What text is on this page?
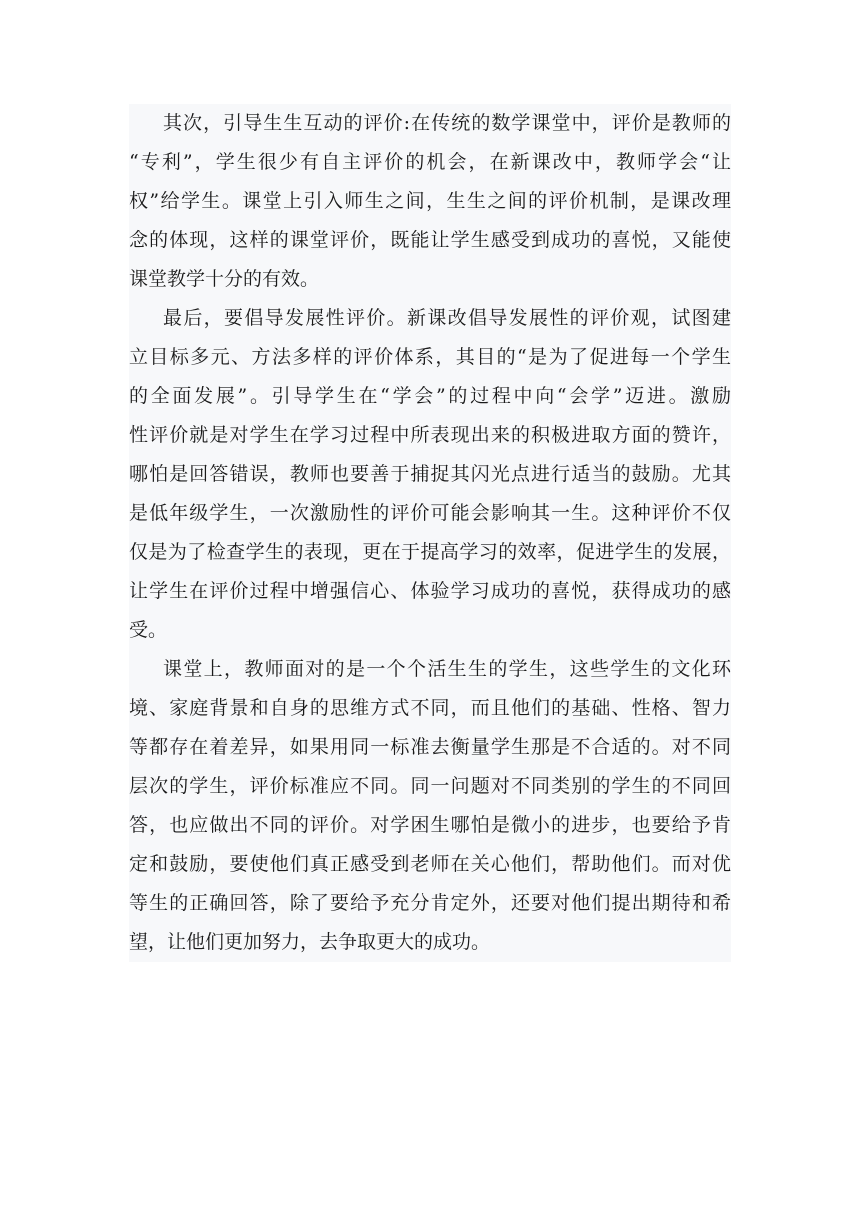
其次，引导生生互动的评价:在传统的数学课堂中，评价是教师的
“专利”，学生很少有自主评价的机会，在新课改中，教师学会“让
权”给学生。课堂上引入师生之间，生生之间的评价机制，是课改理
念的体现，这样的课堂评价，既能让学生感受到成功的喜悦，又能使
课堂教学十分的有效。
最后，要倡导发展性评价。新课改倡导发展性的评价观，试图建
立目标多元、方法多样的评价体系，其目的“是为了促进每一个学生
的全面发展”。引导学生在“学会”的过程中向“会学”迈进。激励
性评价就是对学生在学习过程中所表现出来的积极进取方面的赞许，
哪怕是回答错误，教师也要善于捕捉其闪光点进行适当的鼓励。尤其
是低年级学生，一次激励性的评价可能会影响其一生。这种评价不仅
仅是为了检查学生的表现，更在于提高学习的效率，促进学生的发展，
让学生在评价过程中增强信心、体验学习成功的喜悦，获得成功的感
受。
课堂上，教师面对的是一个个活生生的学生，这些学生的文化环
境、家庭背景和自身的思维方式不同，而且他们的基础、性格、智力
等都存在着差异，如果用同一标准去衡量学生那是不合适的。对不同
层次的学生，评价标准应不同。同一问题对不同类别的学生的不同回
答，也应做出不同的评价。对学困生哪怕是微小的进步，也要给予肯
定和鼓励，要使他们真正感受到老师在关心他们，帮助他们。而对优
等生的正确回答，除了要给予充分肯定外，还要对他们提出期待和希
望，让他们更加努力，去争取更大的成功。
